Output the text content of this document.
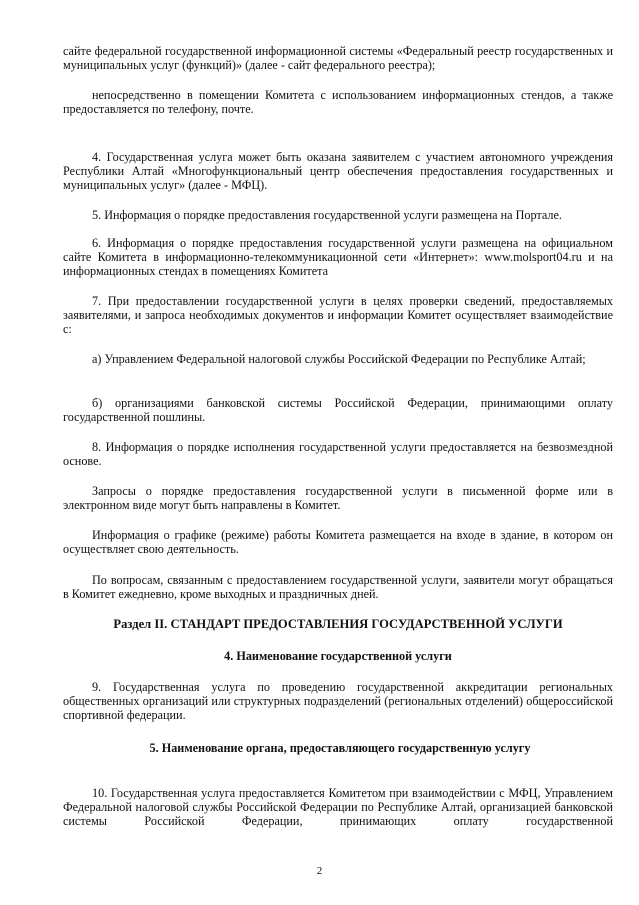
сайте федеральной государственной информационной системы «Федеральный реестр государственных и муниципальных услуг (функций)» (далее - сайт федерального реестра);

непосредственно в помещении Комитета с использованием информационных стендов, а также предоставляется по телефону, почте.

4. Государственная услуга может быть оказана заявителем с участием автономного учреждения Республики Алтай «Многофункциональный центр обеспечения предоставления государственных и муниципальных услуг» (далее - МФЦ).

5. Информация о порядке предоставления государственной услуги размещена на Портале.

6. Информация о порядке предоставления государственной услуги размещена на официальном сайте Комитета в информационно-телекоммуникационной сети «Интернет»: www.molsport04.ru и на информационных стендах в помещениях Комитета

7. При предоставлении государственной услуги в целях проверки сведений, предоставляемых заявителями, и запроса необходимых документов и информации Комитет осуществляет взаимодействие с:

а) Управлением Федеральной налоговой службы Российской Федерации по Республике Алтай;

б) организациями банковской системы Российской Федерации, принимающими оплату государственной пошлины.

8. Информация о порядке исполнения государственной услуги предоставляется на безвозмездной основе.

Запросы о порядке предоставления государственной услуги в письменной форме или в электронном виде могут быть направлены в Комитет.

Информация о графике (режиме) работы Комитета размещается на входе в здание, в котором он осуществляет свою деятельность.

По вопросам, связанным с предоставлением государственной услуги, заявители могут обращаться в Комитет ежедневно, кроме выходных и праздничных дней.

Раздел II. СТАНДАРТ ПРЕДОСТАВЛЕНИЯ ГОСУДАРСТВЕННОЙ УСЛУГИ

4. Наименование государственной услуги

9. Государственная услуга по проведению государственной аккредитации региональных общественных организаций или структурных подразделений (региональных отделений) общероссийской спортивной федерации.

5. Наименование органа, предоставляющего государственную услугу

10. Государственная услуга предоставляется Комитетом при взаимодействии с МФЦ, Управлением Федеральной налоговой службы Российской Федерации по Республике Алтай, организацией банковской системы Российской Федерации, принимающих оплату государственной

2
